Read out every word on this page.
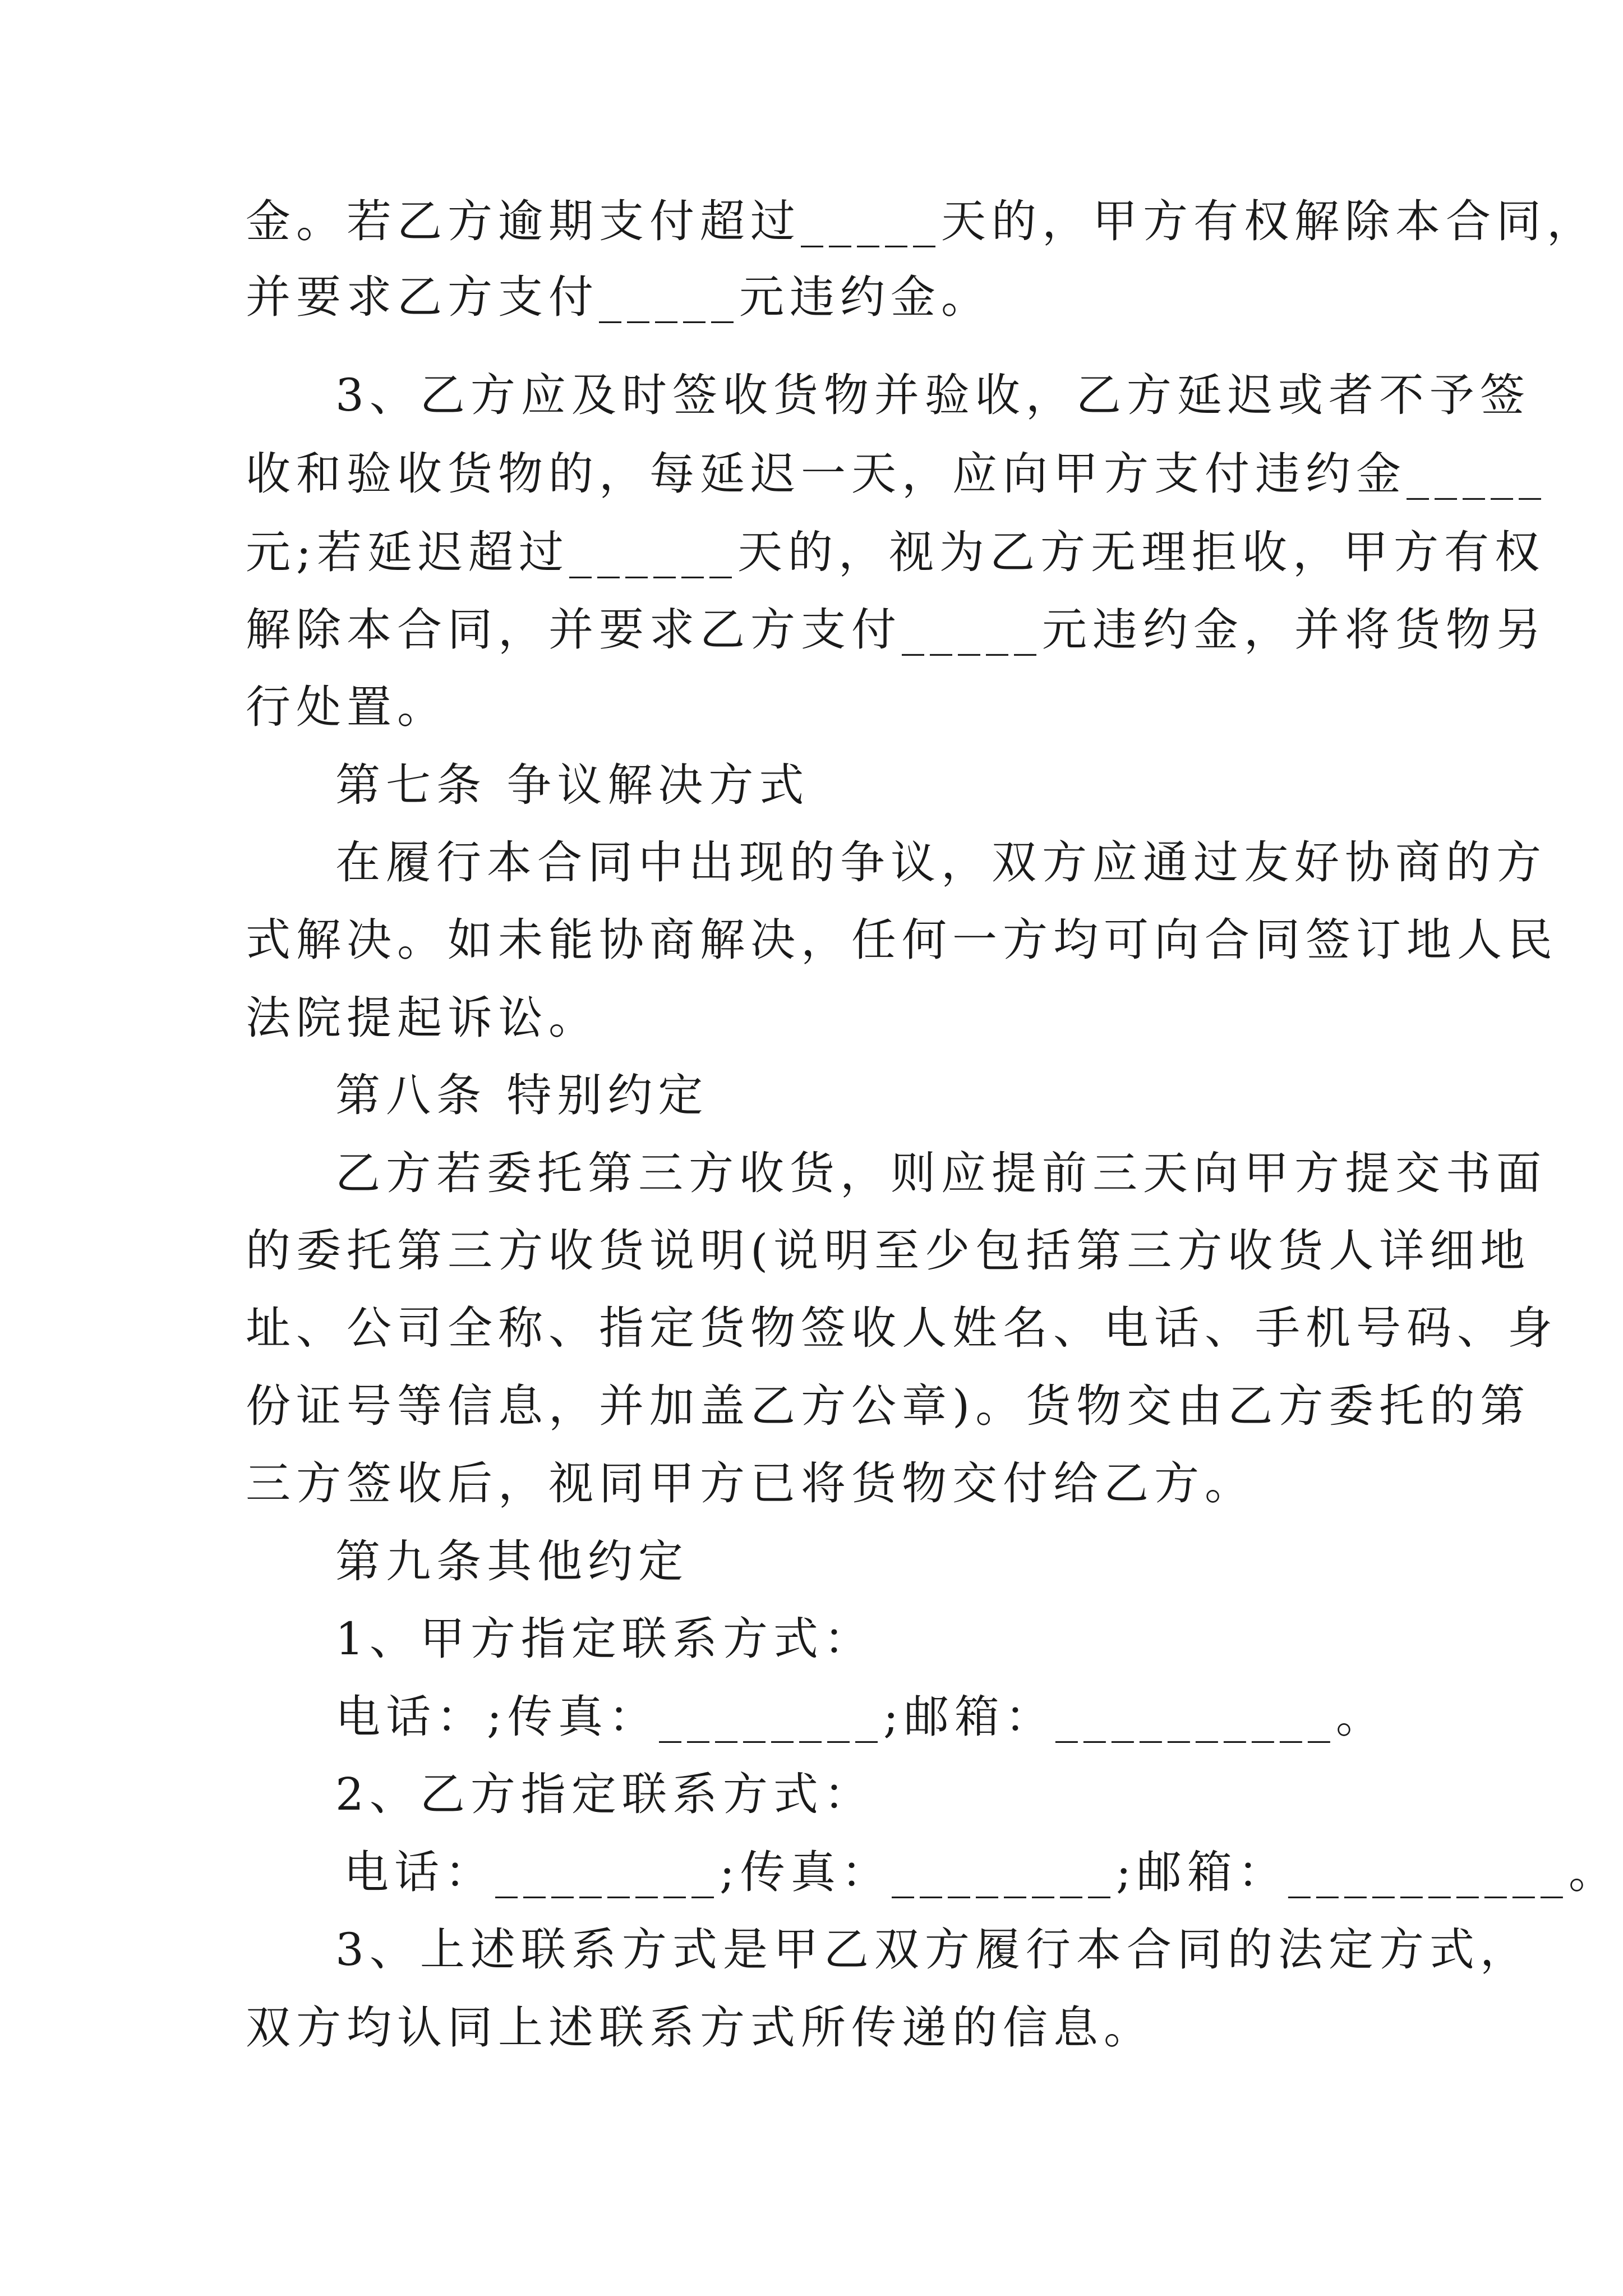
金。若乙方逾期支付超过_____天的，甲方有权解除本合同，
并要求乙方支付_____元违约金。
3、乙方应及时签收货物并验收，乙方延迟或者不予签
收和验收货物的，每延迟一天，应向甲方支付违约金_____
元;若延迟超过______天的，视为乙方无理拒收，甲方有权
解除本合同，并要求乙方支付_____元违约金，并将货物另
行处置。
第七条 争议解决方式
在履行本合同中出现的争议，双方应通过友好协商的方
式解决。如未能协商解决，任何一方均可向合同签订地人民
法院提起诉讼。
第八条 特别约定
乙方若委托第三方收货，则应提前三天向甲方提交书面
的委托第三方收货说明(说明至少包括第三方收货人详细地
址、公司全称、指定货物签收人姓名、电话、手机号码、身
份证号等信息，并加盖乙方公章)。货物交由乙方委托的第
三方签收后，视同甲方已将货物交付给乙方。
第九条其他约定
1、甲方指定联系方式：
电话：;传真：________;邮箱：__________。
2、乙方指定联系方式：
电话：________;传真：________;邮箱：__________。
3、上述联系方式是甲乙双方履行本合同的法定方式，
双方均认同上述联系方式所传递的信息。
